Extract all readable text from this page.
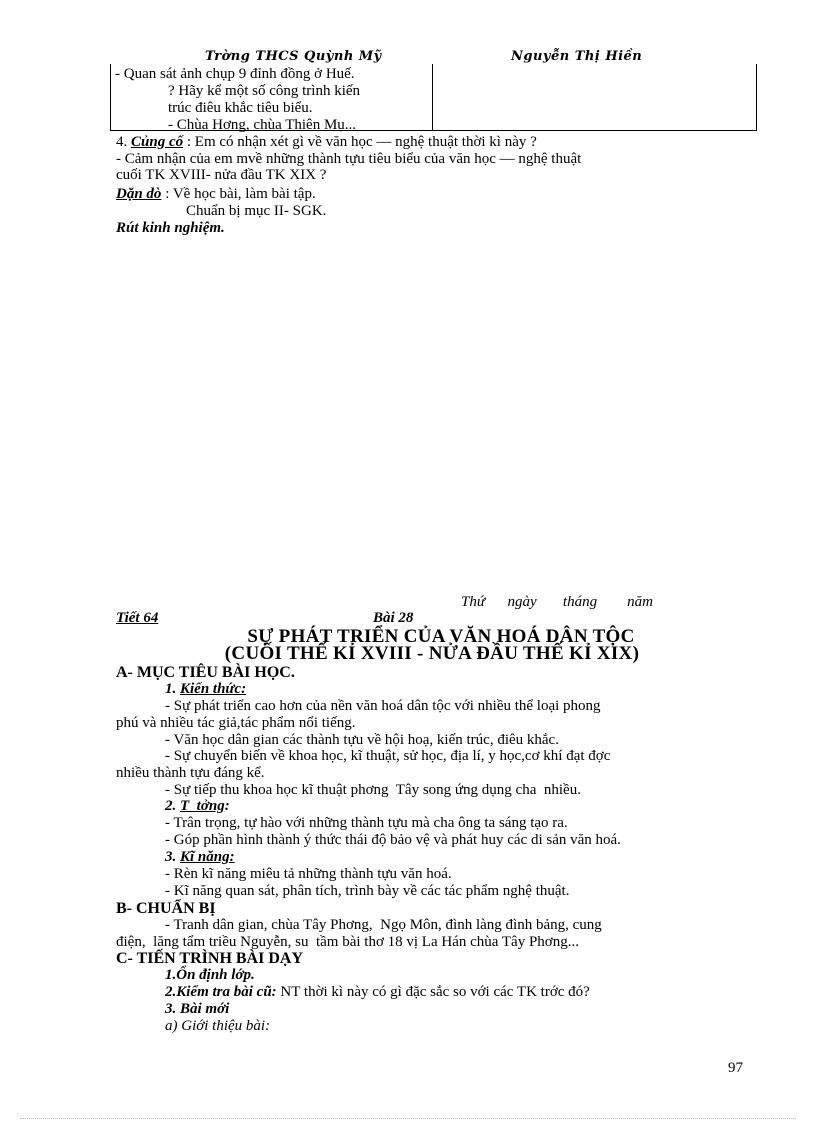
Trờng THCS Quỳnh Mỹ	Nguyễn Thị Hiền
- Quan sát ảnh chụp 9 đỉnh đồng ở Huế.
? Hãy kể một số công trình kiến
trúc điêu khắc tiêu biểu.
- Chùa Hơng, chùa Thiên Mụ...
4. Củng cố : Em có nhận xét gì về văn học — nghệ thuật thời kì này ?
- Cảm nhận của em mvề những thành tựu tiêu biểu của văn học — nghệ thuật
cuối TK XVIII- nửa đầu TK XIX ?
Dặn dò : Về học bài, làm bài tập.
Chuẩn bị mục II- SGK.
Rút kinh nghiệm.
Thứ      ngày       tháng        năm
Tiết 64	Bài 28
SỰ PHÁT TRIỂN CỦA VĂN HOÁ DÂN TỘC
(CUỐI THẾ KỈ XVIII - NỬA ĐẦU THẾ KỈ XIX)
A- MỤC TIÊU BÀI HỌC.
1. Kiến thức:
- Sự phát triển cao hơn của nền văn hoá dân tộc với nhiều thể loại phong
phú và nhiều tác giả,tác phẩm nổi tiếng.
- Văn học dân gian các thành tựu về hội hoạ, kiến trúc, điêu khắc.
- Sự chuyển biến về khoa học, kĩ thuật, sử học, địa lí, y học,cơ khí đạt đợc
nhiều thành tựu đáng kể.
- Sự tiếp thu khoa học kĩ thuật phơng  Tây song ứng dụng cha  nhiều.
2. T  tởng:
- Trân trọng, tự hào với những thành tựu mà cha ông ta sáng tạo ra.
- Góp phần hình thành ý thức thái độ bảo vệ và phát huy các di sản văn hoá.
3. Kĩ năng:
- Rèn kĩ năng miêu tả những thành tựu văn hoá.
- Kĩ năng quan sát, phân tích, trình bày về các tác phẩm nghệ thuật.
B- CHUẨN BỊ
- Tranh dân gian, chùa Tây Phơng,  Ngọ Môn, đình làng đình bảng, cung
điện,  lăng tẩm triều Nguyễn, su  tầm bài thơ 18 vị La Hán chùa Tây Phơng...
C- TIẾN TRÌNH BÀI DẠY
1.Ổn định lớp.
2.Kiểm tra bài cũ: NT thời kì này có gì đặc sắc so với các TK trớc đó?
3. Bài mới
a) Giới thiệu bài:
97
